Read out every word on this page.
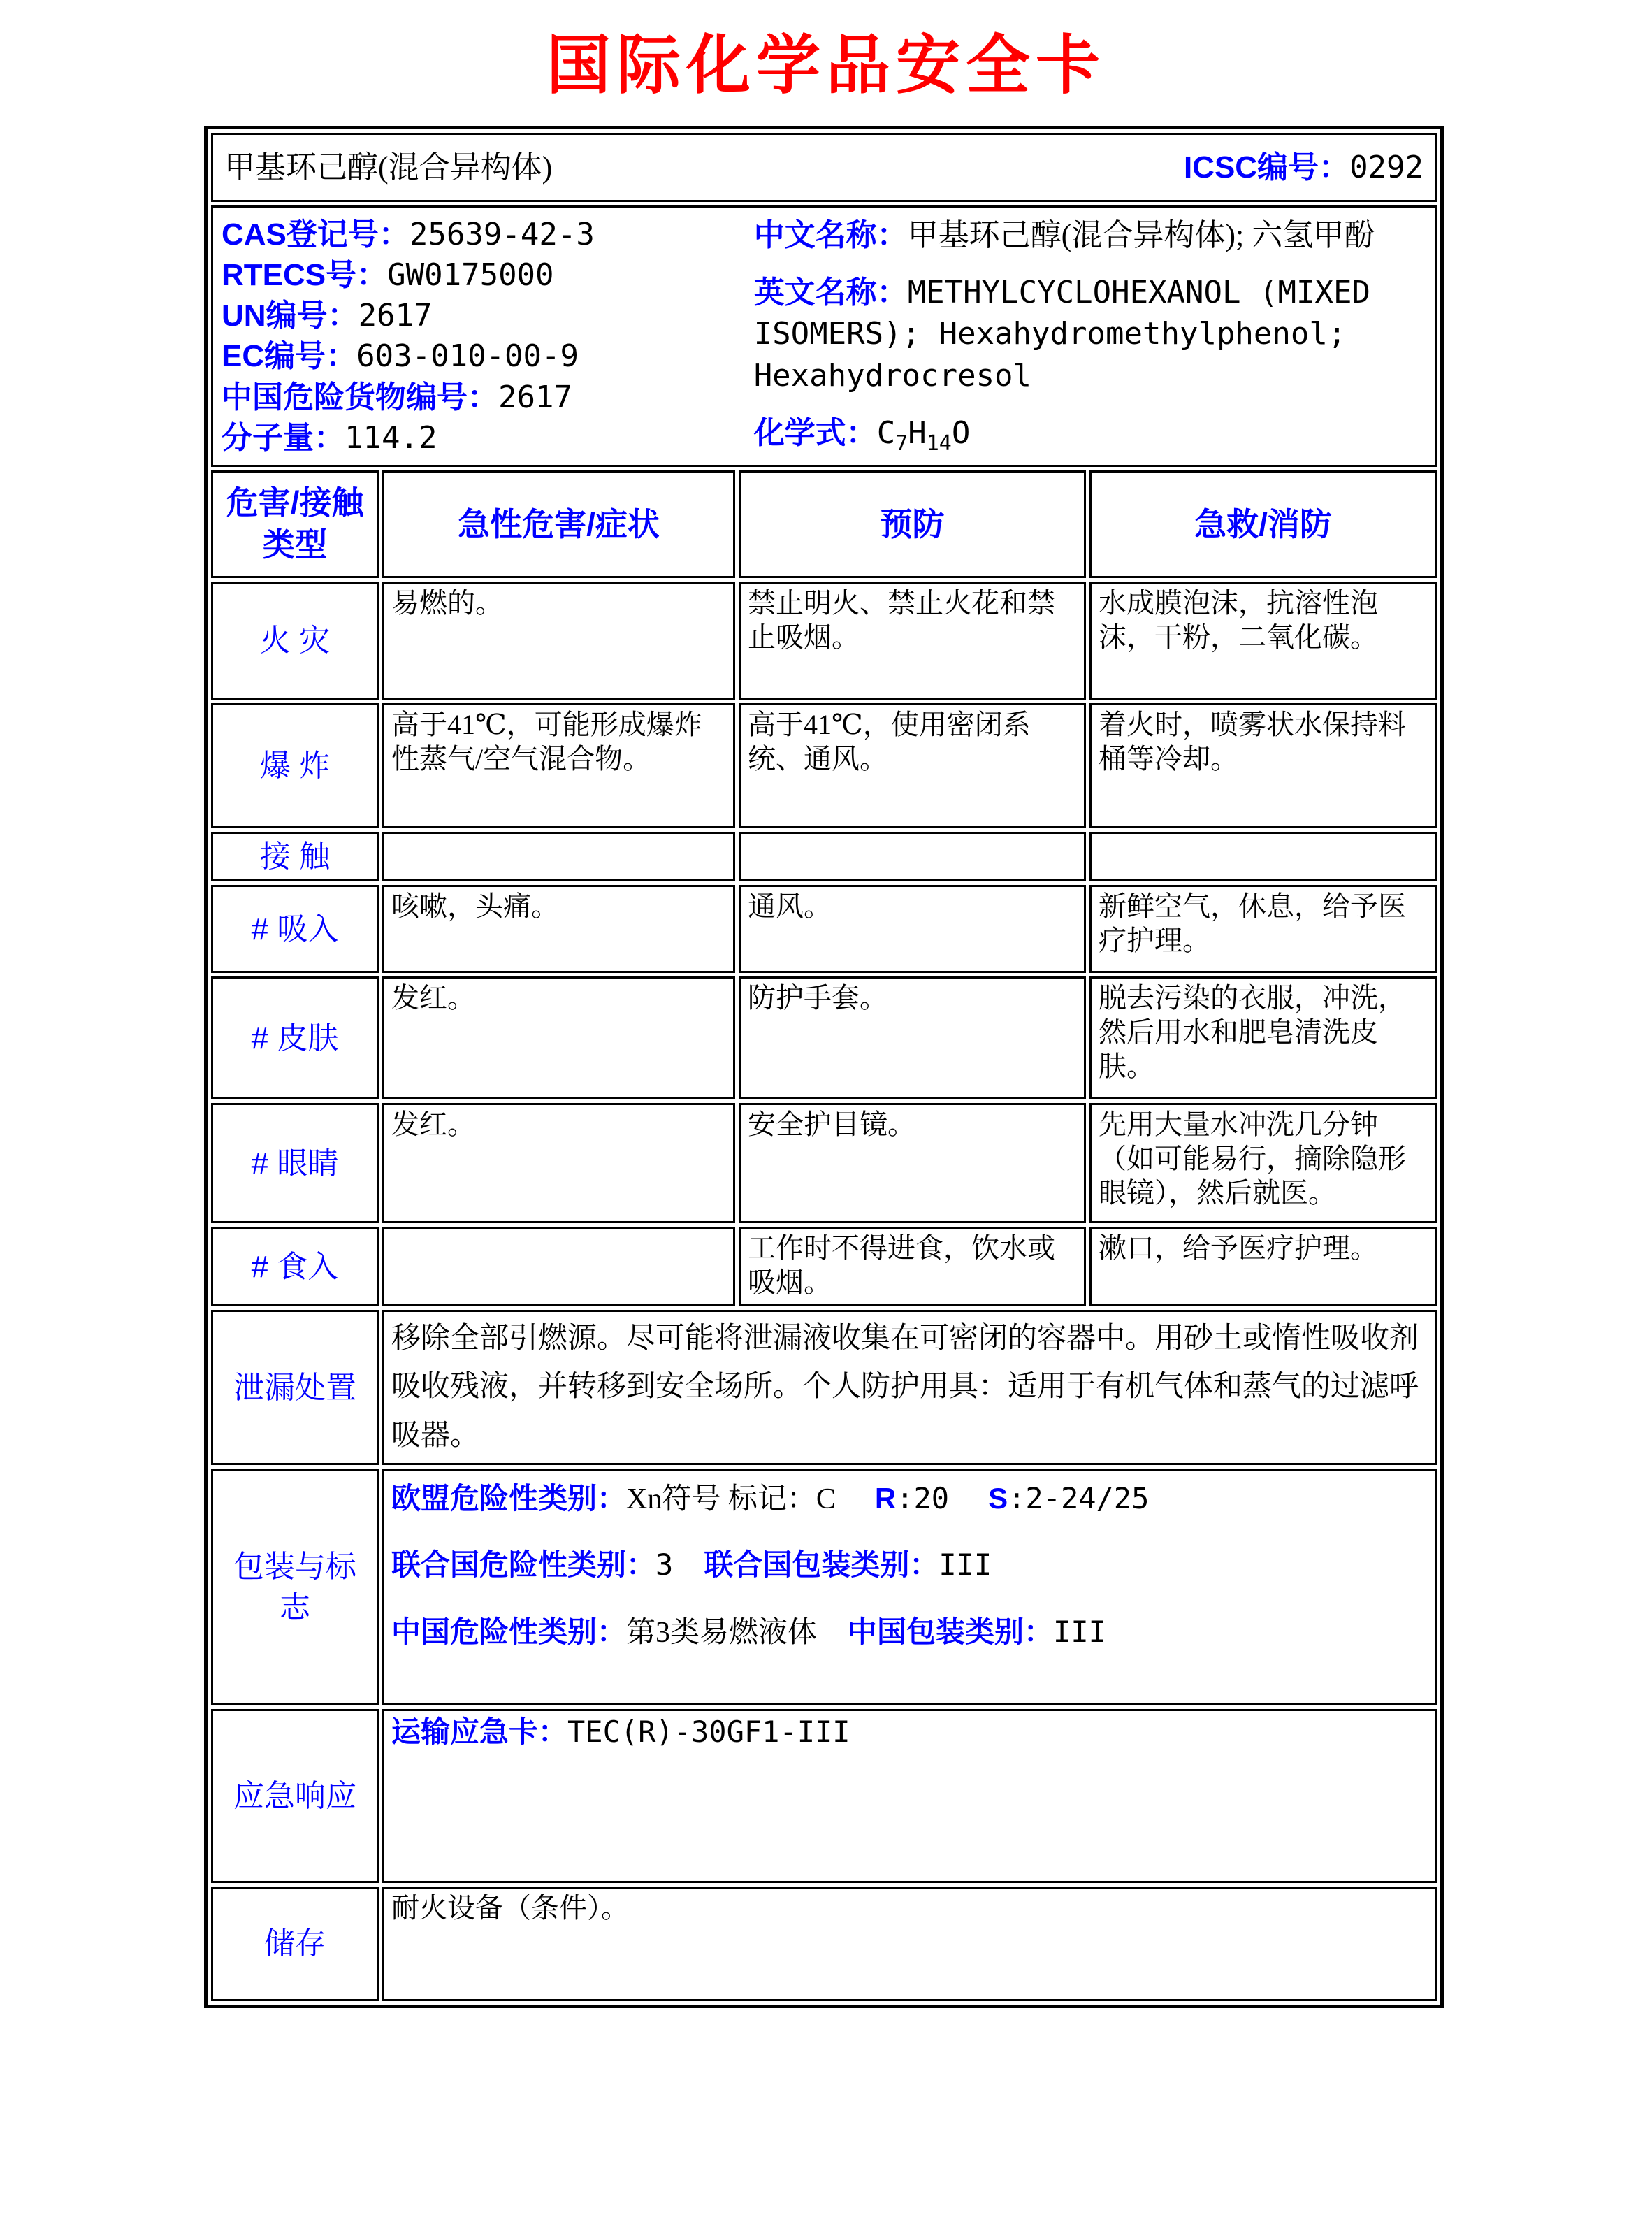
国际化学品安全卡
甲基环己醇(混合异构体) ICSC编号：0292			

CAS登记号：25639-42-3
RTECS号：GW0175000
UN编号：2617
EC编号：603-010-00-9
中国危险货物编号：2617
分子量：114.2
中文名称：甲基环己醇(混合异构体); 六氢甲酚
英文名称：METHYLCYCLOHEXANOL (MIXED ISOMERS); Hexahydromethylphenol; Hexahydrocresol
化学式：$C_7H_{14}O$

危害/接触 类型	急性危害/症状	预防	急救/消防
火 灾	易燃的。	禁止明火、禁止火花和禁止吸烟。	水成膜泡沫，抗溶性泡沫，干粉，二氧化碳。
爆 炸	高于41℃，可能形成爆炸性蒸气/空气混合物。	高于41℃，使用密闭系统、通风。	着火时，喷雾状水保持料桶等冷却。
接 触			
# 吸入	咳嗽，头痛。	通风。	新鲜空气，休息，给予医疗护理。
# 皮肤	发红。	防护手套。	脱去污染的衣服，冲洗，然后用水和肥皂清洗皮肤。
# 眼睛	发红。	安全护目镜。	先用大量水冲洗几分钟（如可能易行，摘除隐形眼镜），然后就医。
# 食入		工作时不得进食，饮水或吸烟。	漱口，给予医疗护理。
泄漏处置	移除全部引燃源。尽可能将泄漏液收集在可密闭的容器中。用砂土或惰性吸收剂吸收残液，并转移到安全场所。个人防护用具：适用于有机气体和蒸气的过滤呼吸器。		

包装与标志	欧盟危险性类别：Xn符号 标记：C R:20 S:2-24/25
联合国危险性类别：3 联合国包装类别：III
中国危险性类别：第3类易燃液体 中国包装类别：III		

应急响应	运输应急卡：TEC(R)-30GF1-III		

储存	耐火设备（条件）。		
